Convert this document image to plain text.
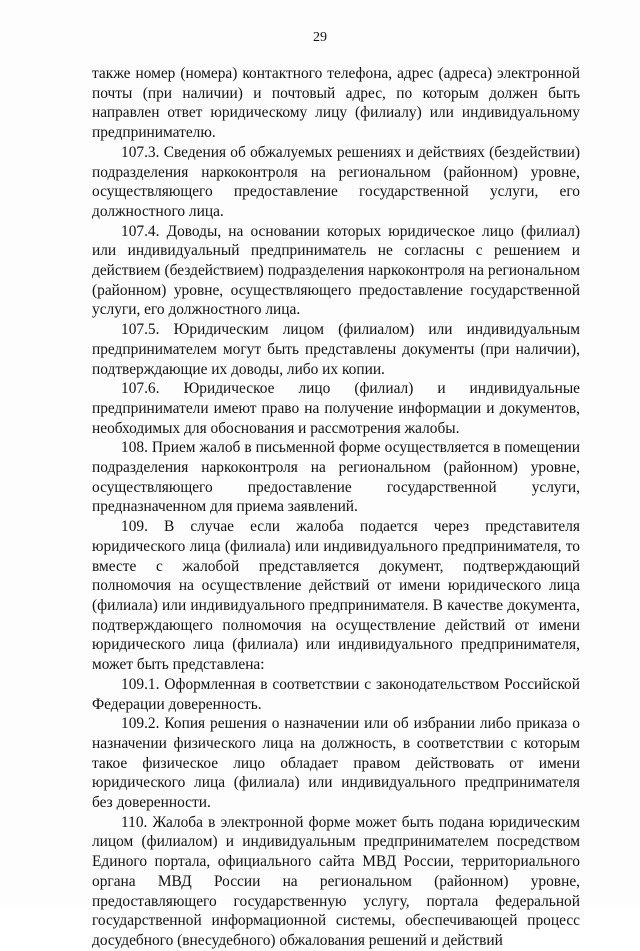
29

также номер (номера) контактного телефона, адрес (адреса) электронной почты (при наличии) и почтовый адрес, по которым должен быть направлен ответ юридическому лицу (филиалу) или индивидуальному предпринимателю.

107.3. Сведения об обжалуемых решениях и действиях (бездействии) подразделения наркоконтроля на региональном (районном) уровне, осуществляющего предоставление государственной услуги, его должностного лица.

107.4. Доводы, на основании которых юридическое лицо (филиал) или индивидуальный предприниматель не согласны с решением и действием (бездействием) подразделения наркоконтроля на региональном (районном) уровне, осуществляющего предоставление государственной услуги, его должностного лица.

107.5. Юридическим лицом (филиалом) или индивидуальным предпринимателем могут быть представлены документы (при наличии), подтверждающие их доводы, либо их копии.

107.6. Юридическое лицо (филиал) и индивидуальные предприниматели имеют право на получение информации и документов, необходимых для обоснования и рассмотрения жалобы.

108. Прием жалоб в письменной форме осуществляется в помещении подразделения наркоконтроля на региональном (районном) уровне, осуществляющего предоставление государственной услуги, предназначенном для приема заявлений.

109. В случае если жалоба подается через представителя юридического лица (филиала) или индивидуального предпринимателя, то вместе с жалобой представляется документ, подтверждающий полномочия на осуществление действий от имени юридического лица (филиала) или индивидуального предпринимателя. В качестве документа, подтверждающего полномочия на осуществление действий от имени юридического лица (филиала) или индивидуального предпринимателя, может быть представлена:

109.1. Оформленная в соответствии с законодательством Российской Федерации доверенность.

109.2. Копия решения о назначении или об избрании либо приказа о назначении физического лица на должность, в соответствии с которым такое физическое лицо обладает правом действовать от имени юридического лица (филиала) или индивидуального предпринимателя без доверенности.

110. Жалоба в электронной форме может быть подана юридическим лицом (филиалом) и индивидуальным предпринимателем посредством Единого портала, официального сайта МВД России, территориального органа МВД России на региональном (районном) уровне, предоставляющего государственную услугу, портала федеральной государственной информационной системы, обеспечивающей процесс досудебного (внесудебного) обжалования решений и действий
